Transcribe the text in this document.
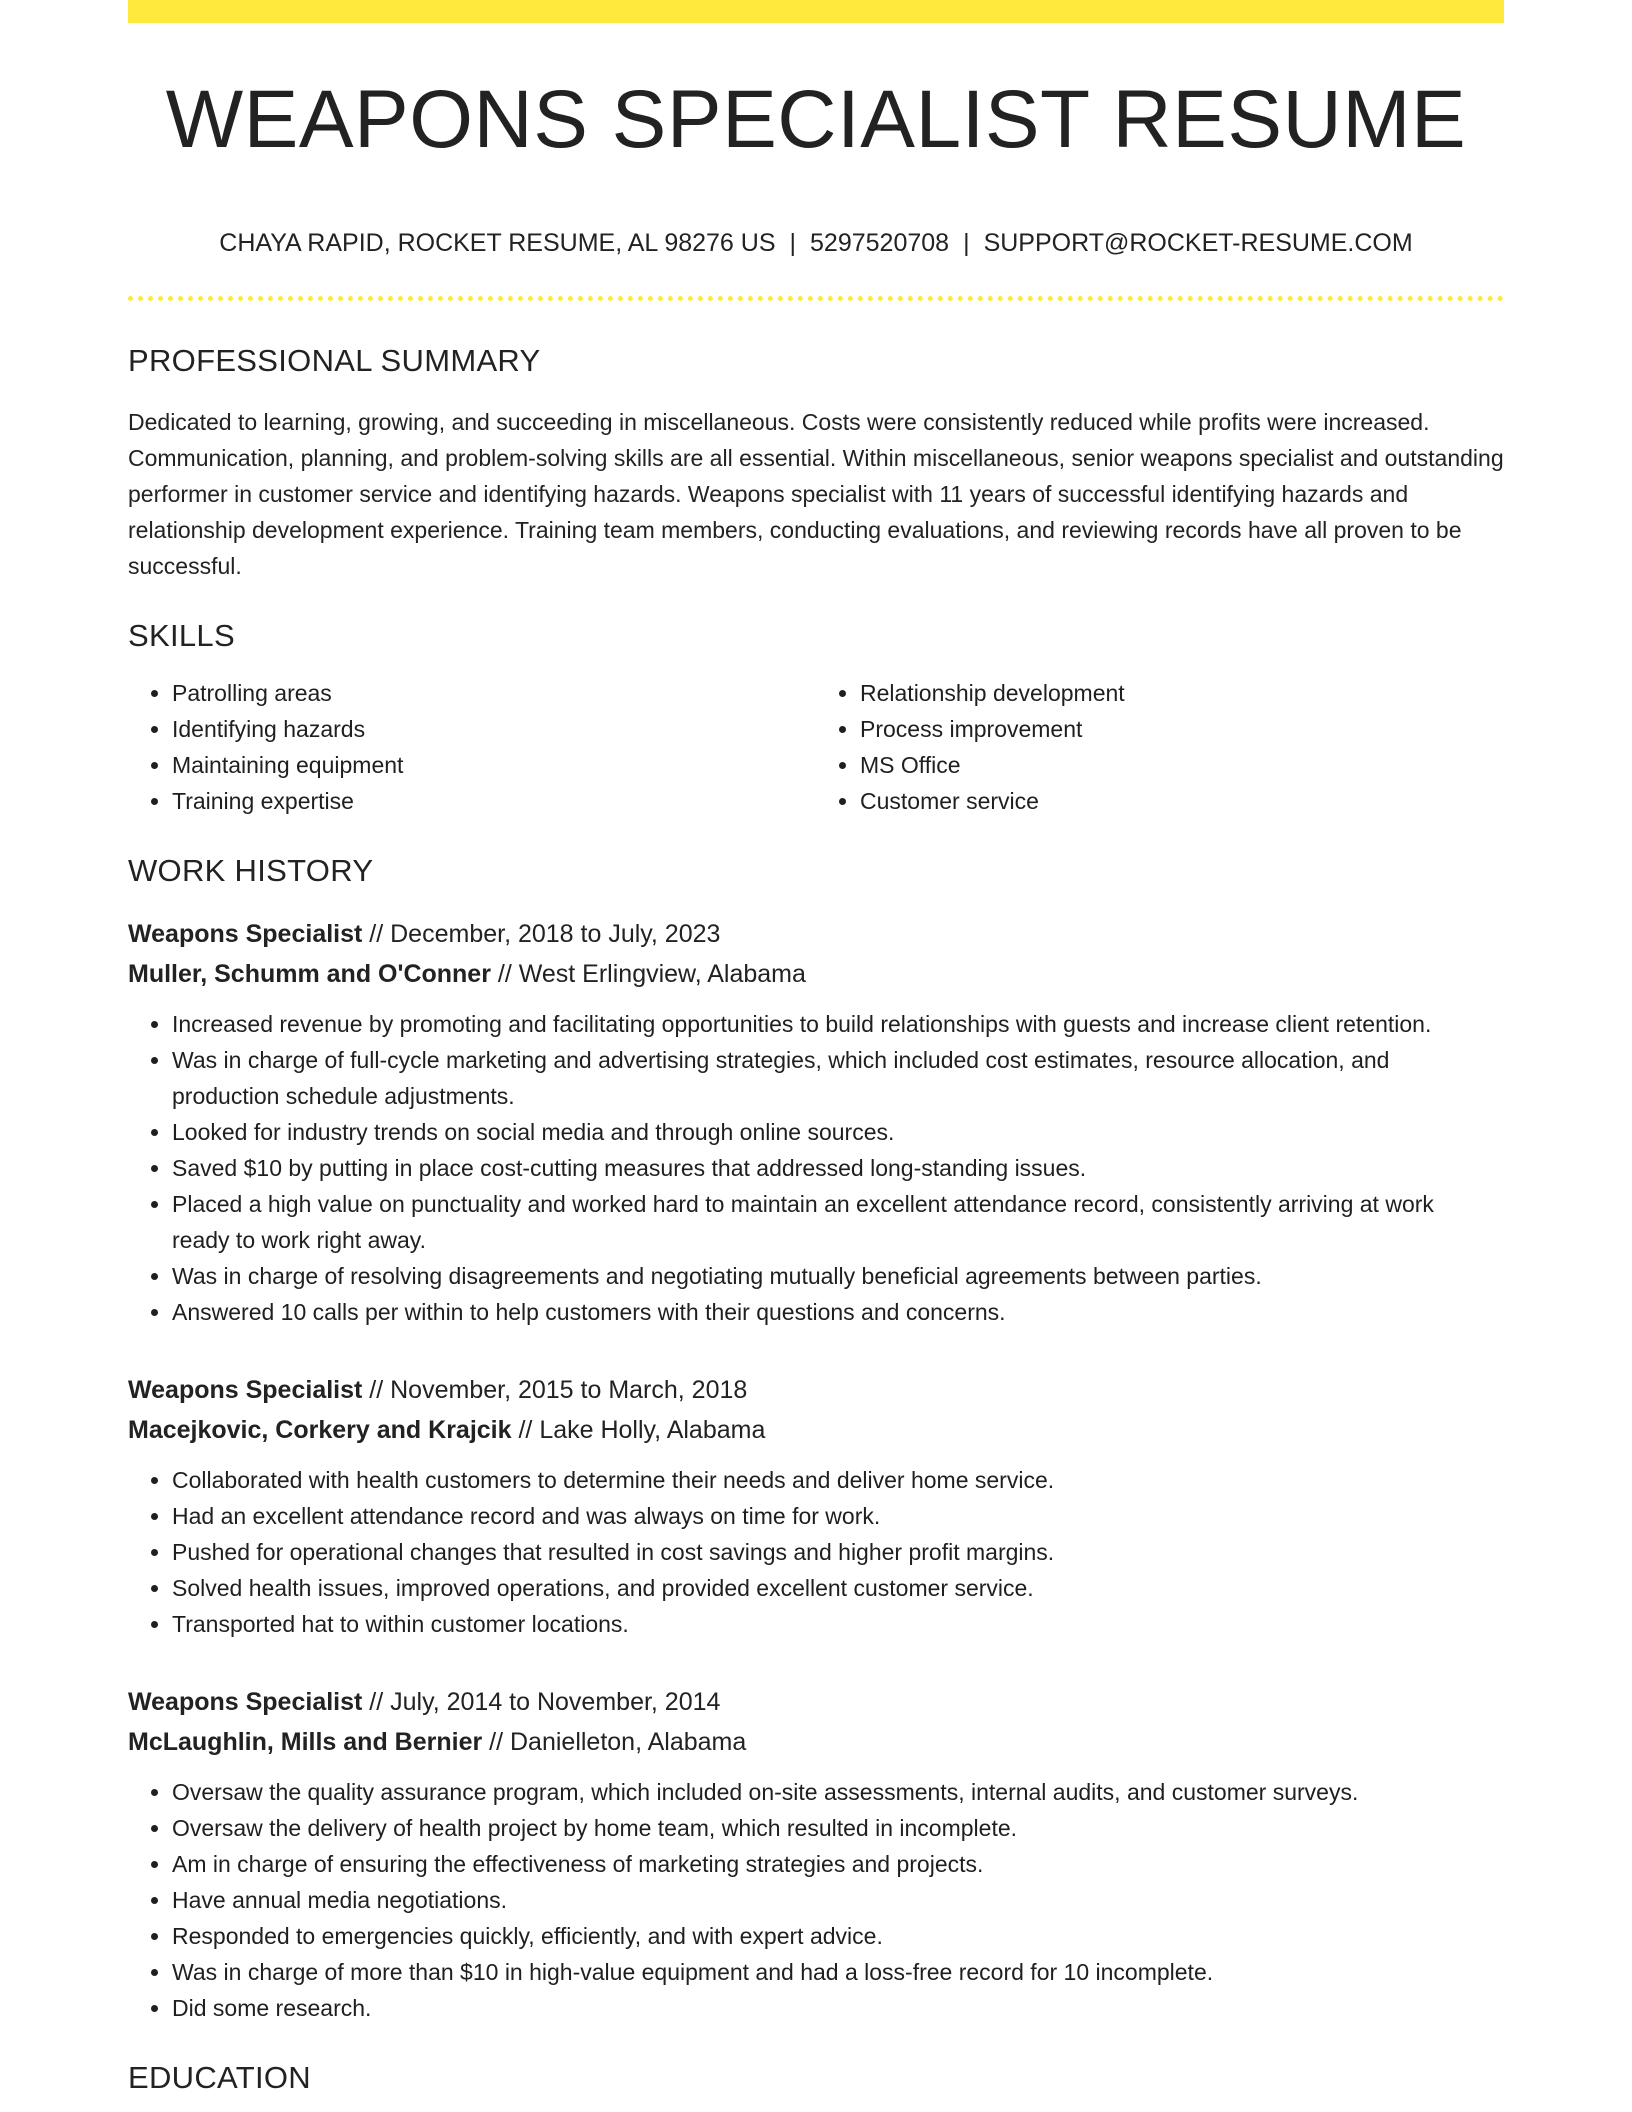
WEAPONS SPECIALIST RESUME
CHAYA RAPID, ROCKET RESUME, AL 98276 US | 5297520708 | SUPPORT@ROCKET-RESUME.COM
PROFESSIONAL SUMMARY

Dedicated to learning, growing, and succeeding in miscellaneous. Costs were consistently reduced while profits were increased. Communication, planning, and problem-solving skills are all essential. Within miscellaneous, senior weapons specialist and outstanding performer in customer service and identifying hazards. Weapons specialist with 11 years of successful identifying hazards and relationship development experience. Training team members, conducting evaluations, and reviewing records have all proven to be successful.

SKILLS
• Patrolling areas
• Identifying hazards
• Maintaining equipment
• Training expertise
• Relationship development
• Process improvement
• MS Office
• Customer service
WORK HISTORY
Weapons Specialist // December, 2018 to July, 2023
Muller, Schumm and O'Conner // West Erlingview, Alabama
• Increased revenue by promoting and facilitating opportunities to build relationships with guests and increase client retention.
• Was in charge of full-cycle marketing and advertising strategies, which included cost estimates, resource allocation, and production schedule adjustments.
• Looked for industry trends on social media and through online sources.
• Saved $10 by putting in place cost-cutting measures that addressed long-standing issues.
• Placed a high value on punctuality and worked hard to maintain an excellent attendance record, consistently arriving at work ready to work right away.
• Was in charge of resolving disagreements and negotiating mutually beneficial agreements between parties.
• Answered 10 calls per within to help customers with their questions and concerns.
Weapons Specialist // November, 2015 to March, 2018
Macejkovic, Corkery and Krajcik // Lake Holly, Alabama
• Collaborated with health customers to determine their needs and deliver home service.
• Had an excellent attendance record and was always on time for work.
• Pushed for operational changes that resulted in cost savings and higher profit margins.
• Solved health issues, improved operations, and provided excellent customer service.
• Transported hat to within customer locations.
Weapons Specialist // July, 2014 to November, 2014
McLaughlin, Mills and Bernier // Danielleton, Alabama
• Oversaw the quality assurance program, which included on-site assessments, internal audits, and customer surveys.
• Oversaw the delivery of health project by home team, which resulted in incomplete.
• Am in charge of ensuring the effectiveness of marketing strategies and projects.
• Have annual media negotiations.
• Responded to emergencies quickly, efficiently, and with expert advice.
• Was in charge of more than $10 in high-value equipment and had a loss-free record for 10 incomplete.
• Did some research.
EDUCATION
